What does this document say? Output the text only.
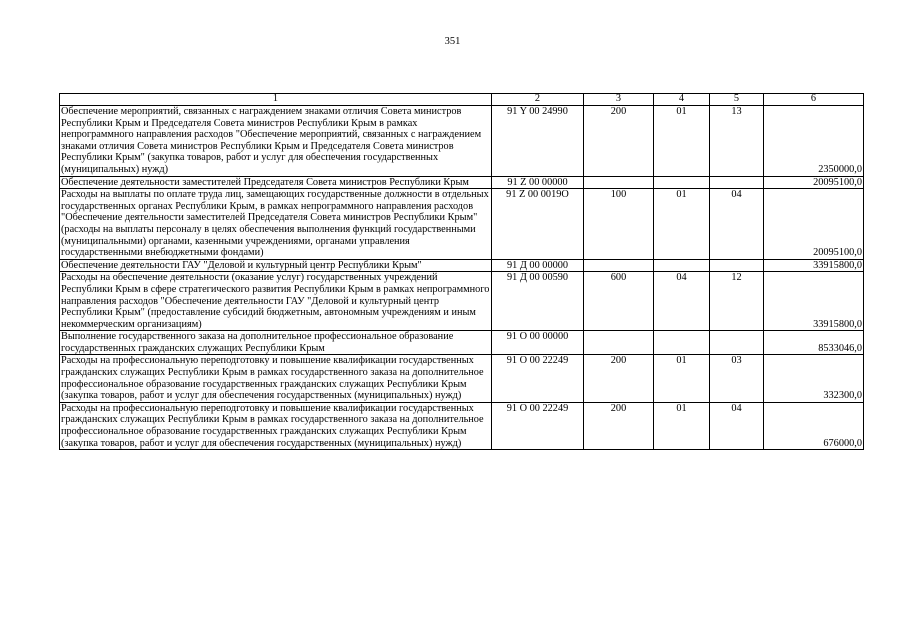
351
1	2	3	4	5	6
Обеспечение мероприятий, связанных с награждением знаками отличия Совета министров Республики Крым и Председателя Совета министров Республики Крым в рамках непрограммного направления расходов "Обеспечение мероприятий, связанных с награждением знаками отличия Совета министров Республики Крым и Председателя Совета министров Республики Крым" (закупка товаров, работ и услуг для обеспечения государственных (муниципальных) нужд)	91 Y 00 24990	200	01	13	2350000,0
Обеспечение деятельности заместителей Председателя Совета министров Республики Крым	91 Z 00 00000				20095100,0
Расходы на выплаты по оплате труда лиц, замещающих государственные должности в отдельных государственных органах Республики Крым, в рамках непрограммного направления расходов "Обеспечение деятельности заместителей Председателя Совета министров Республики Крым" (расходы на выплаты персоналу в целях обеспечения выполнения функций государственными (муниципальными) органами, казенными учреждениями, органами управления государственными внебюджетными фондами)	91 Z 00 0019О	100	01	04	20095100,0
Обеспечение деятельности ГАУ "Деловой и культурный центр Республики Крым"	91 Д 00 00000				33915800,0
Расходы на обеспечение деятельности (оказание услуг) государственных учреждений Республики Крым в сфере стратегического развития Республики Крым в рамках непрограммного направления расходов "Обеспечение деятельности ГАУ "Деловой и культурный центр Республики Крым" (предоставление субсидий бюджетным, автономным учреждениям и иным некоммерческим организациям)	91 Д 00 00590	600	04	12	33915800,0
Выполнение государственного заказа на дополнительное профессиональное образование государственных гражданских служащих Республики Крым	91 О 00 00000				8533046,0
Расходы на профессиональную переподготовку и повышение квалификации государственных гражданских служащих Республики Крым в рамках государственного заказа на дополнительное профессиональное образование государственных гражданских служащих Республики Крым (закупка товаров, работ и услуг для обеспечения государственных (муниципальных) нужд)	91 О 00 22249	200	01	03	332300,0
Расходы на профессиональную переподготовку и повышение квалификации государственных гражданских служащих Республики Крым в рамках государственного заказа на дополнительное профессиональное образование государственных гражданских служащих Республики Крым (закупка товаров, работ и услуг для обеспечения государственных (муниципальных) нужд)	91 О 00 22249	200	01	04	676000,0
